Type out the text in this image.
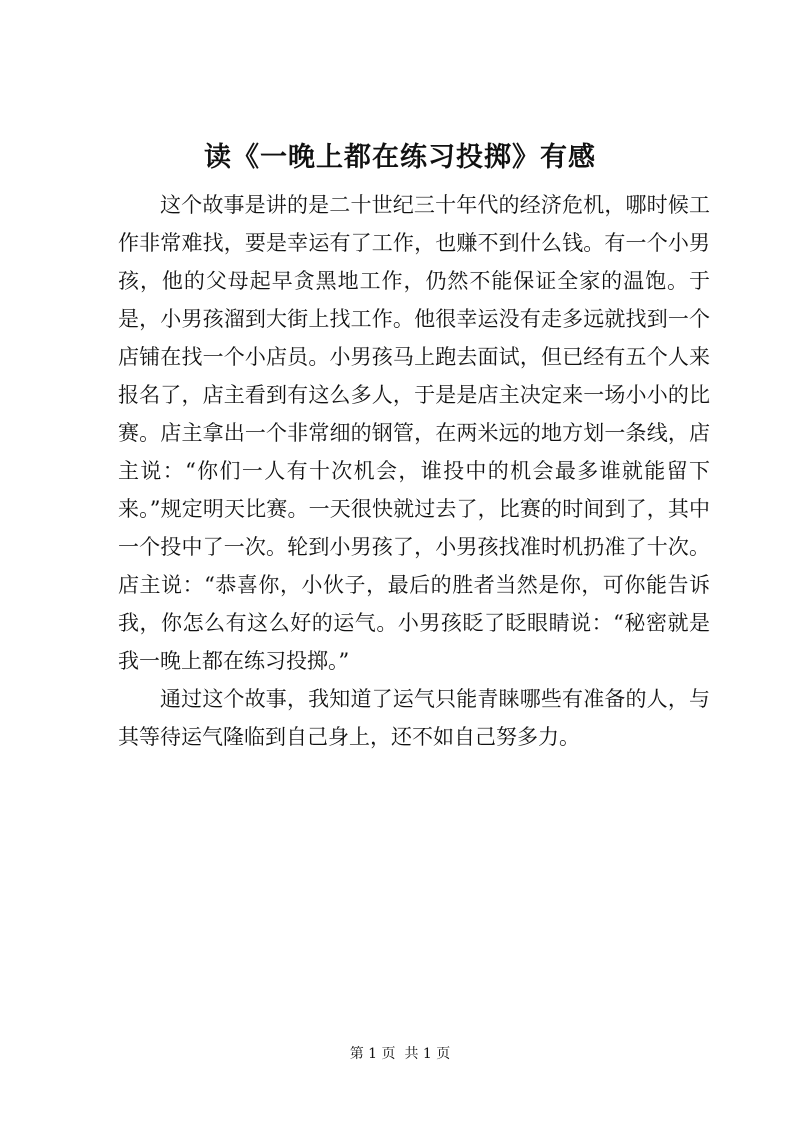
读《一晚上都在练习投掷》有感

这个故事是讲的是二十世纪三十年代的经济危机，哪时候工作非常难找，要是幸运有了工作，也赚不到什么钱。有一个小男孩，他的父母起早贪黑地工作，仍然不能保证全家的温饱。于是，小男孩溜到大街上找工作。他很幸运没有走多远就找到一个店铺在找一个小店员。小男孩马上跑去面试，但已经有五个人来报名了，店主看到有这么多人，于是是店主决定来一场小小的比赛。店主拿出一个非常细的钢管，在两米远的地方划一条线，店主说：“你们一人有十次机会，谁投中的机会最多谁就能留下来。”规定明天比赛。一天很快就过去了，比赛的时间到了，其中一个投中了一次。轮到小男孩了，小男孩找准时机扔准了十次。店主说：“恭喜你，小伙子，最后的胜者当然是你，可你能告诉我，你怎么有这么好的运气。小男孩眨了眨眼睛说：“秘密就是我一晚上都在练习投掷。”

通过这个故事，我知道了运气只能青睐哪些有准备的人，与其等待运气隆临到自己身上，还不如自己努多力。

第 1 页  共 1 页
